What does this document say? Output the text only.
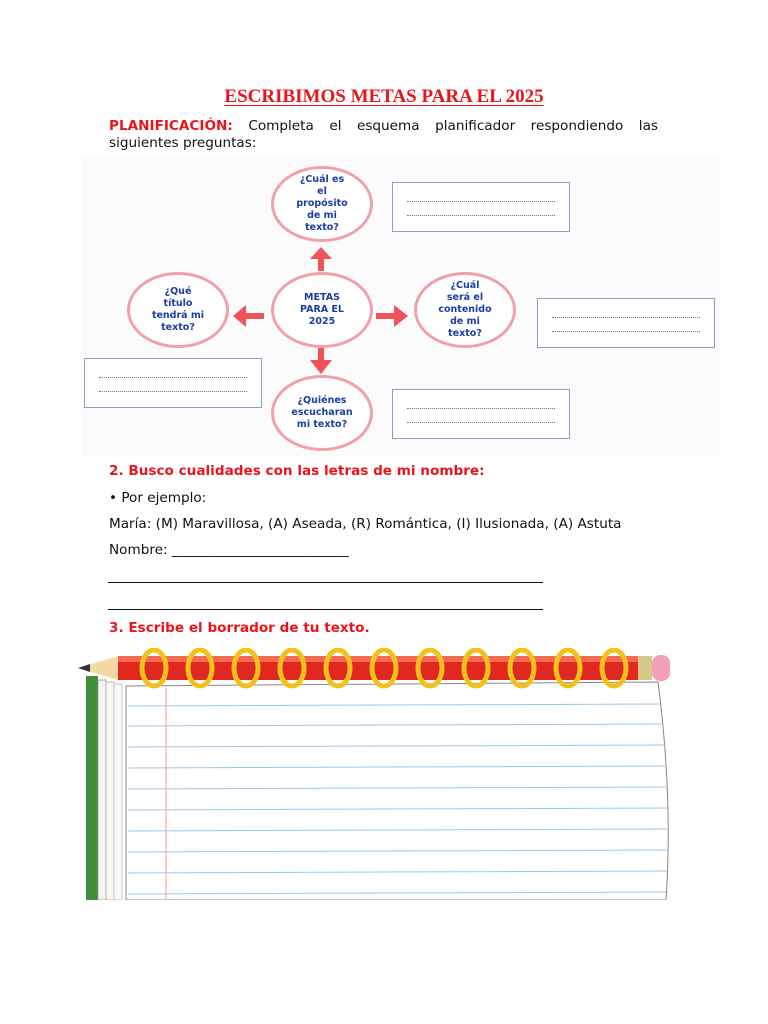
ESCRIBIMOS METAS PARA EL 2025
PLANIFICACIÓN: Completa el esquema planificador respondiendo las siguientes preguntas:
¿Cuál es
el
propósito
de mi
texto?
¿Qué
título
tendrá mi
texto?
METAS
PARA EL
2025
¿Cuál
será el
contenido
de mi
texto?
¿Quiénes
escucharan
mi texto?
2. Busco cualidades con las letras de mi nombre:
• Por ejemplo:
María: (M) Maravillosa, (A) Aseada, (R) Romántica, (I) Ilusionada, (A) Astuta
Nombre: __________________________
3. Escribe el borrador de tu texto.
